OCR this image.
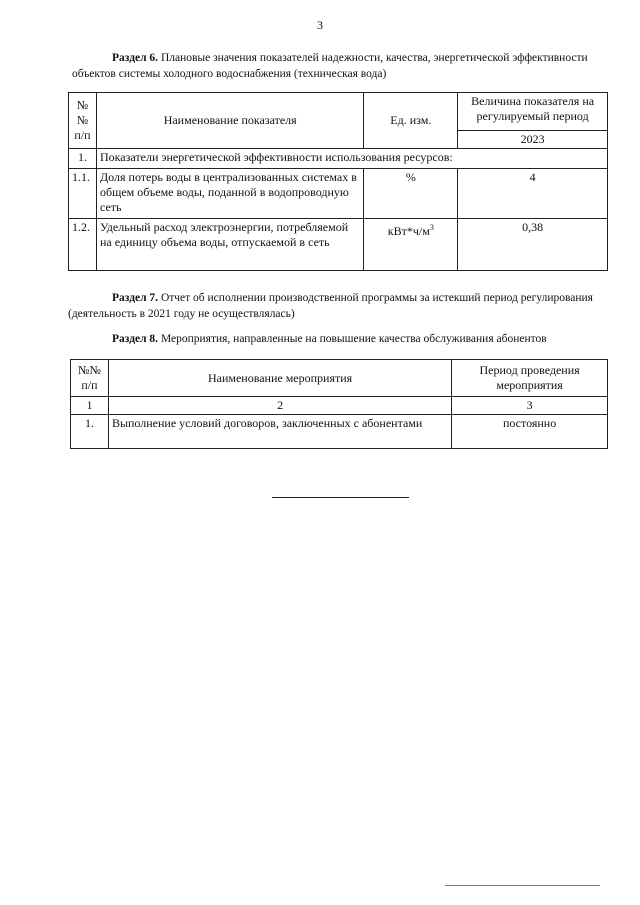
3
Раздел 6. Плановые значения показателей надежности, качества, энергетической эффективности
объектов системы холодного водоснабжения (техническая вода)
№№ п/п	Наименование показателя	Ед. изм.	Величина показателя на регулируемый период
			2023
1.	Показатели энергетической эффективности использования ресурсов:		
1.1.	Доля потерь воды в централизованных системах в общем объеме воды, поданной в водопроводную сеть	%	4
1.2.	Удельный расход электроэнергии, потребляемой на единицу объема воды, отпускаемой в сеть	$кВт*ч/м^3$	0,38
Раздел 7. Отчет об исполнении производственной программы за истекший период регулирования
(деятельность в 2021 году не осуществлялась)
Раздел 8. Мероприятия, направленные на повышение качества обслуживания абонентов
№№ п/п	Наименование мероприятия	Период проведения мероприятия
1	2	3
1.	Выполнение условий договоров, заключенных с абонентами	постоянно
